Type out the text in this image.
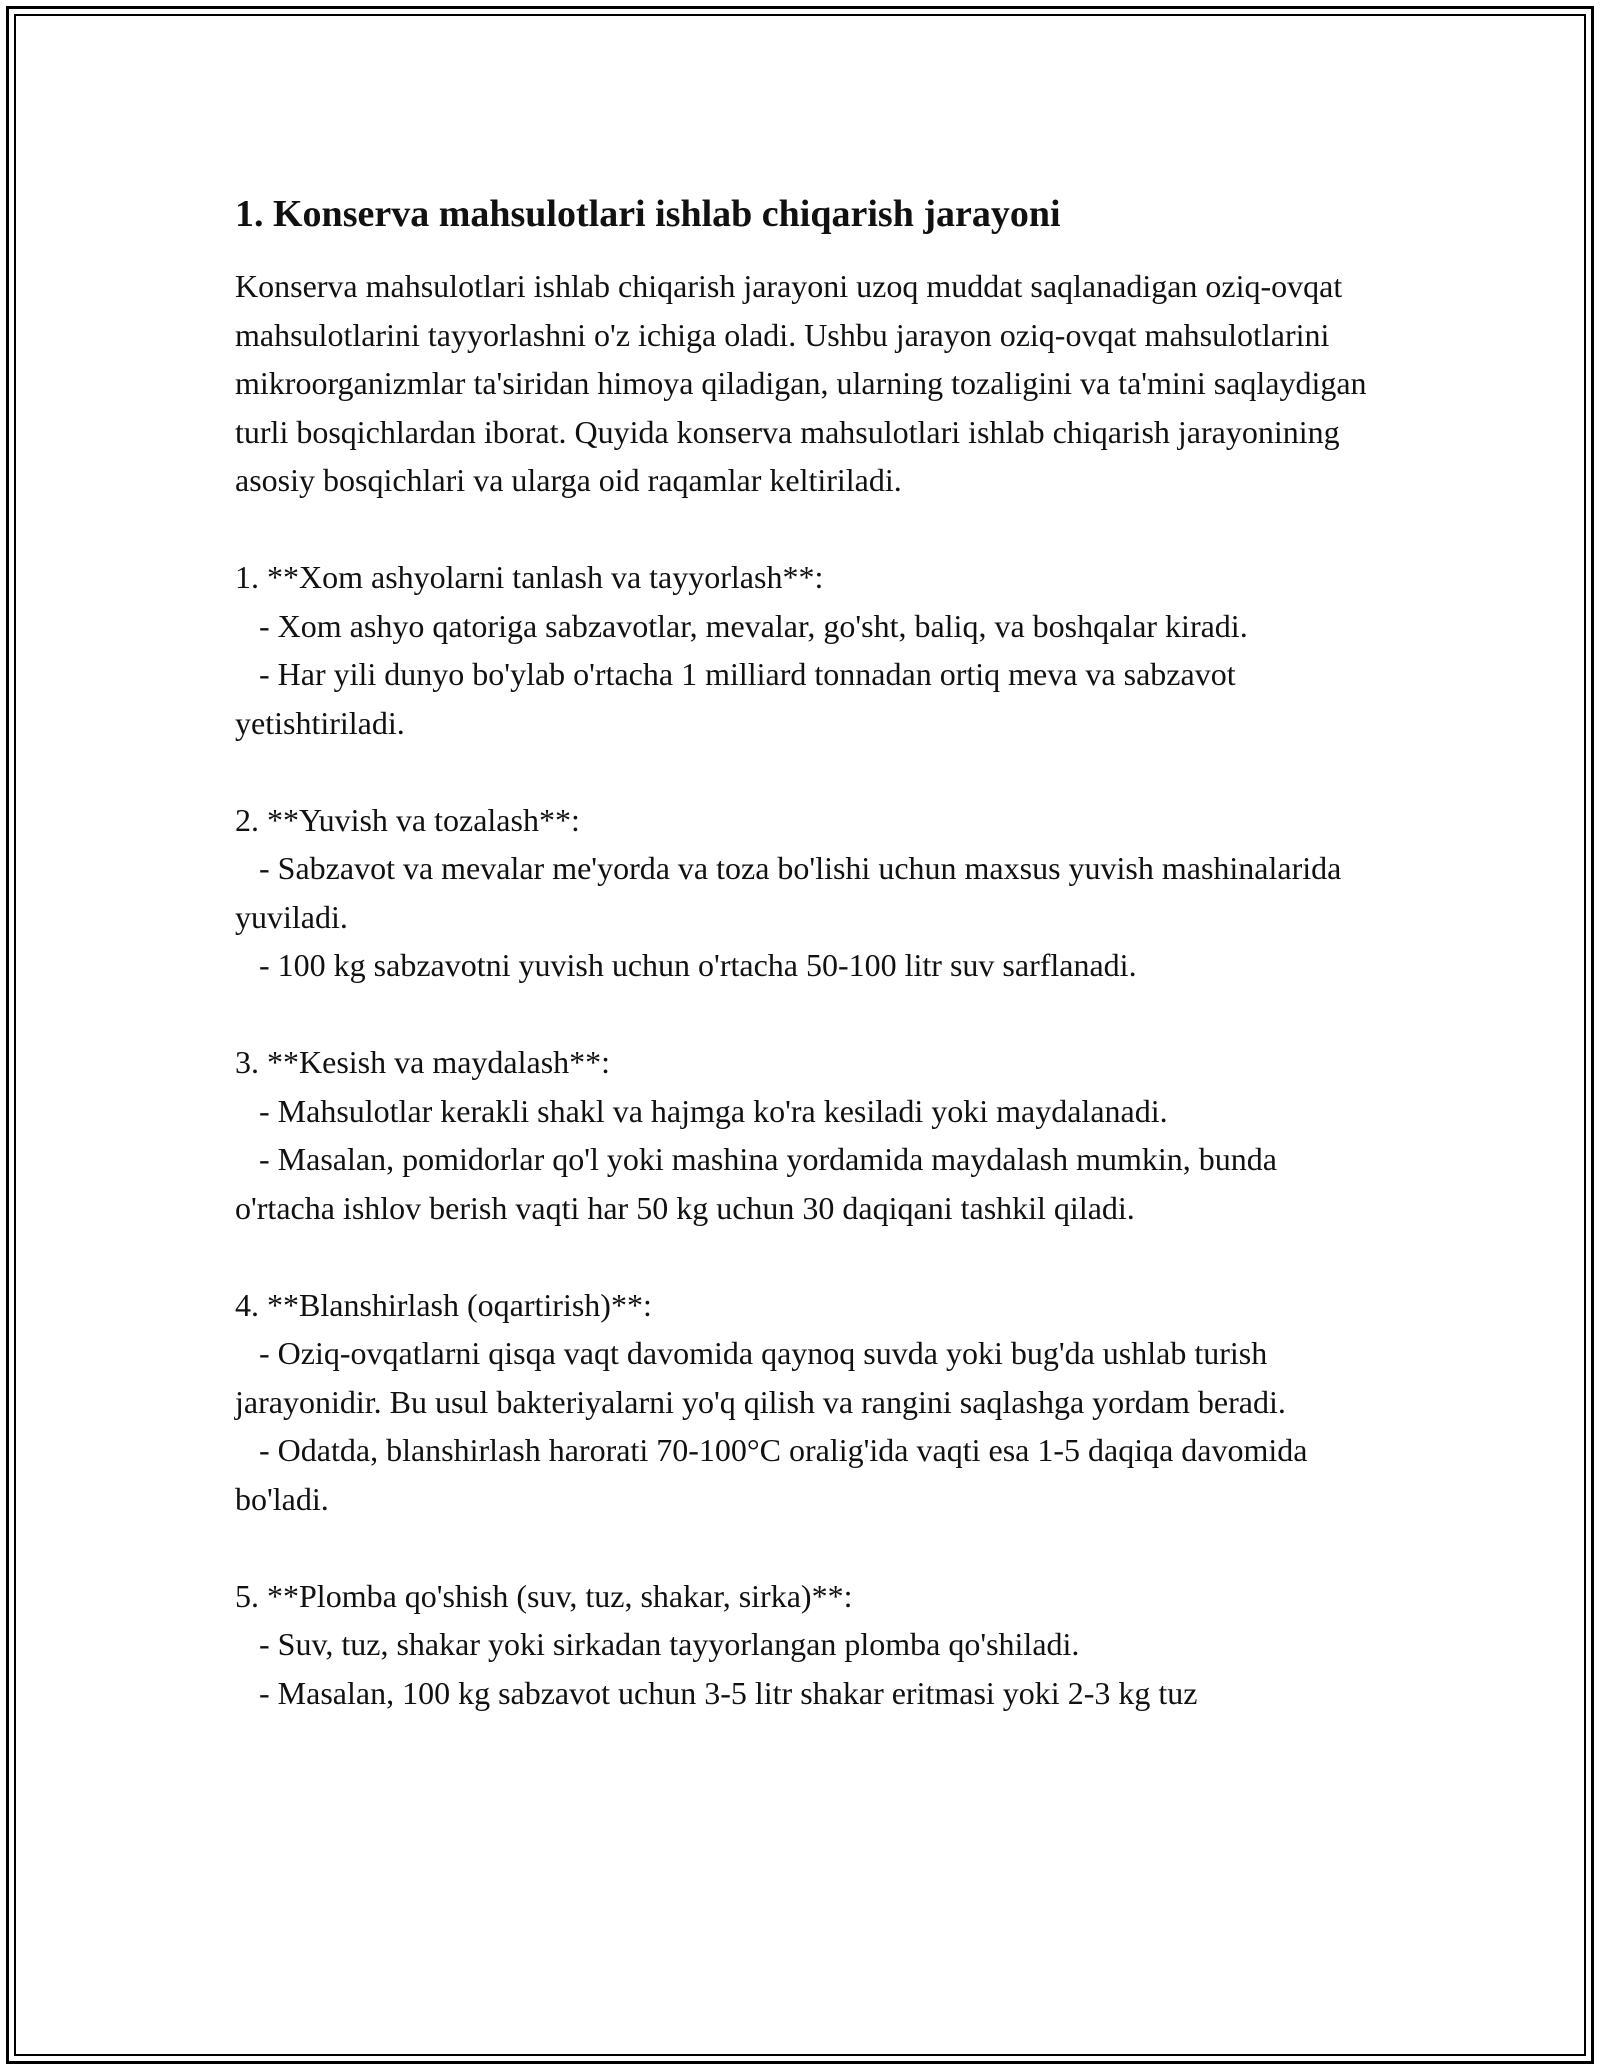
1. Konserva mahsulotlari ishlab chiqarish jarayoni

Konserva mahsulotlari ishlab chiqarish jarayoni uzoq muddat saqlanadigan oziq-ovqat mahsulotlarini tayyorlashni o'z ichiga oladi. Ushbu jarayon oziq-ovqat mahsulotlarini mikroorganizmlar ta'siridan himoya qiladigan, ularning tozaligini va ta'mini saqlaydigan turli bosqichlardan iborat. Quyida konserva mahsulotlari ishlab chiqarish jarayonining asosiy bosqichlari va ularga oid raqamlar keltiriladi.

1. **Xom ashyolarni tanlash va tayyorlash**:

- Xom ashyo qatoriga sabzavotlar, mevalar, go'sht, baliq, va boshqalar kiradi.

- Har yili dunyo bo'ylab o'rtacha 1 milliard tonnadan ortiq meva va sabzavot yetishtiriladi.

2. **Yuvish va tozalash**:

- Sabzavot va mevalar me'yorda va toza bo'lishi uchun maxsus yuvish mashinalarida yuviladi.

- 100 kg sabzavotni yuvish uchun o'rtacha 50-100 litr suv sarflanadi.

3. **Kesish va maydalash**:

- Mahsulotlar kerakli shakl va hajmga ko'ra kesiladi yoki maydalanadi.

- Masalan, pomidorlar qo'l yoki mashina yordamida maydalash mumkin, bunda o'rtacha ishlov berish vaqti har 50 kg uchun 30 daqiqani tashkil qiladi.

4. **Blanshirlash (oqartirish)**:

- Oziq-ovqatlarni qisqa vaqt davomida qaynoq suvda yoki bug'da ushlab turish jarayonidir. Bu usul bakteriyalarni yo'q qilish va rangini saqlashga yordam beradi.

- Odatda, blanshirlash harorati 70-100°C oralig'ida vaqti esa 1-5 daqiqa davomida bo'ladi.

5. **Plomba qo'shish (suv, tuz, shakar, sirka)**:

- Suv, tuz, shakar yoki sirkadan tayyorlangan plomba qo'shiladi.

- Masalan, 100 kg sabzavot uchun 3-5 litr shakar eritmasi yoki 2-3 kg tuz
